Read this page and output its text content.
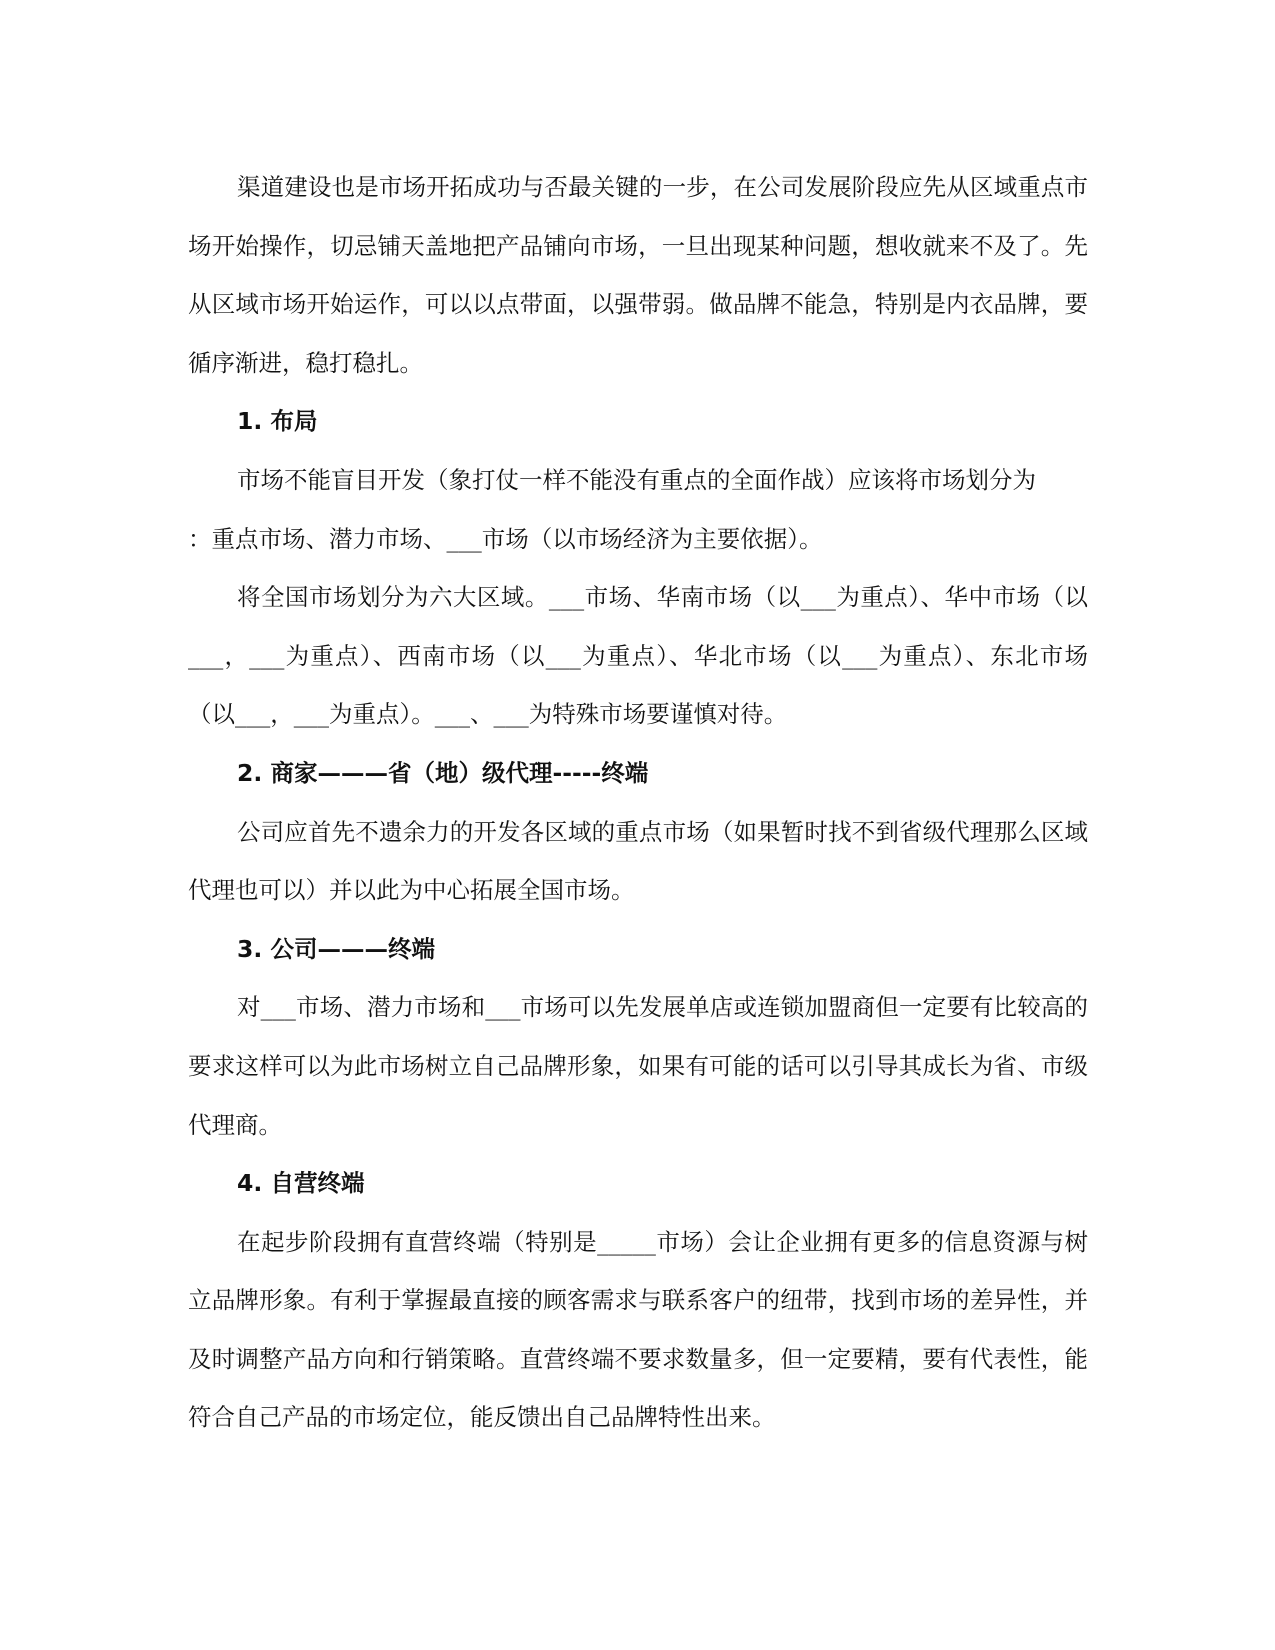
渠道建设也是市场开拓成功与否最关键的一步，在公司发展阶段应先从区域重点市场开始操作，切忌铺天盖地把产品铺向市场，一旦出现某种问题，想收就来不及了。先从区域市场开始运作，可以以点带面，以强带弱。做品牌不能急，特别是内衣品牌，要循序渐进，稳打稳扎。

1. 布局

市场不能盲目开发（象打仗一样不能没有重点的全面作战）应该将市场划分为

：重点市场、潜力市场、___市场（以市场经济为主要依据）。

将全国市场划分为六大区域。___市场、华南市场（以___为重点）、华中市场（以___，___为重点）、西南市场（以___为重点）、华北市场（以___为重点）、东北市场（以___，___为重点）。___、___为特殊市场要谨慎对待。

2. 商家———省（地）级代理-----终端

公司应首先不遗余力的开发各区域的重点市场（如果暂时找不到省级代理那么区域代理也可以）并以此为中心拓展全国市场。

3. 公司———终端

对___市场、潜力市场和___市场可以先发展单店或连锁加盟商但一定要有比较高的要求这样可以为此市场树立自己品牌形象，如果有可能的话可以引导其成长为省、市级代理商。

4. 自营终端

在起步阶段拥有直营终端（特别是_____市场）会让企业拥有更多的信息资源与树立品牌形象。有利于掌握最直接的顾客需求与联系客户的纽带，找到市场的差异性，并及时调整产品方向和行销策略。直营终端不要求数量多，但一定要精，要有代表性，能符合自己产品的市场定位，能反馈出自己品牌特性出来。
